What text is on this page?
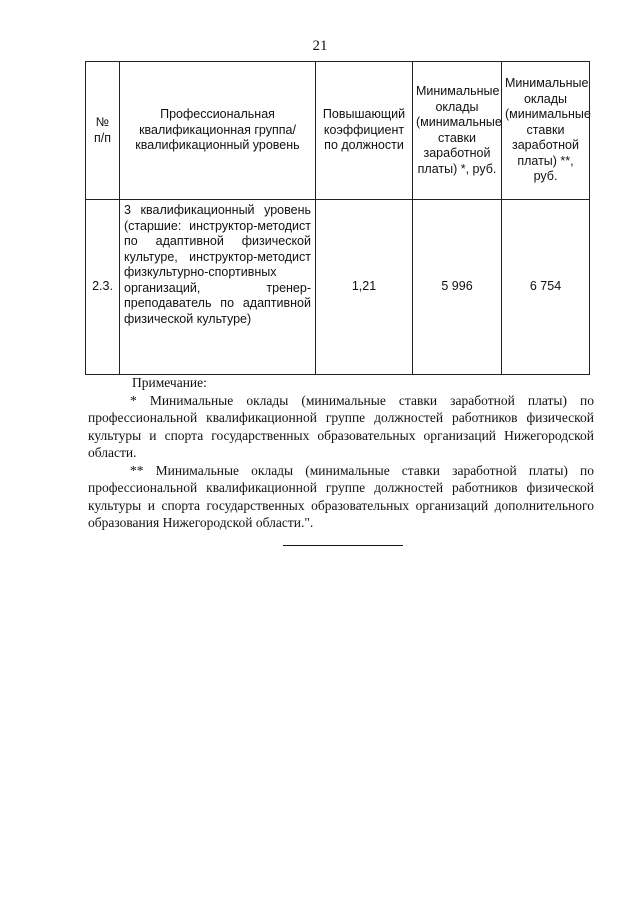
21
№ п/п	Профессиональная квалификационная группа/квалификационный уровень	Повышающий коэффициент по должности	Минимальные оклады (минимальные ставки заработной платы) *, руб.	Минимальные оклады (минимальные ставки заработной платы) **, руб.
2.3.	3 квалификационный уровень (старшие: инструктор-методист по адаптивной физической культуре, инструктор-методист физкультурно-спортивных организаций, тренер-преподаватель по адаптивной физической культуре)	1,21	5 996	6 754

Примечание:

* Минимальные оклады (минимальные ставки заработной платы) по профессиональной квалификационной группе должностей работников физической культуры и спорта государственных образовательных организаций Нижегородской области.

** Минимальные оклады (минимальные ставки заработной платы) по профессиональной квалификационной группе должностей работников физической культуры и спорта государственных образовательных организаций дополнительного образования Нижегородской области.".
